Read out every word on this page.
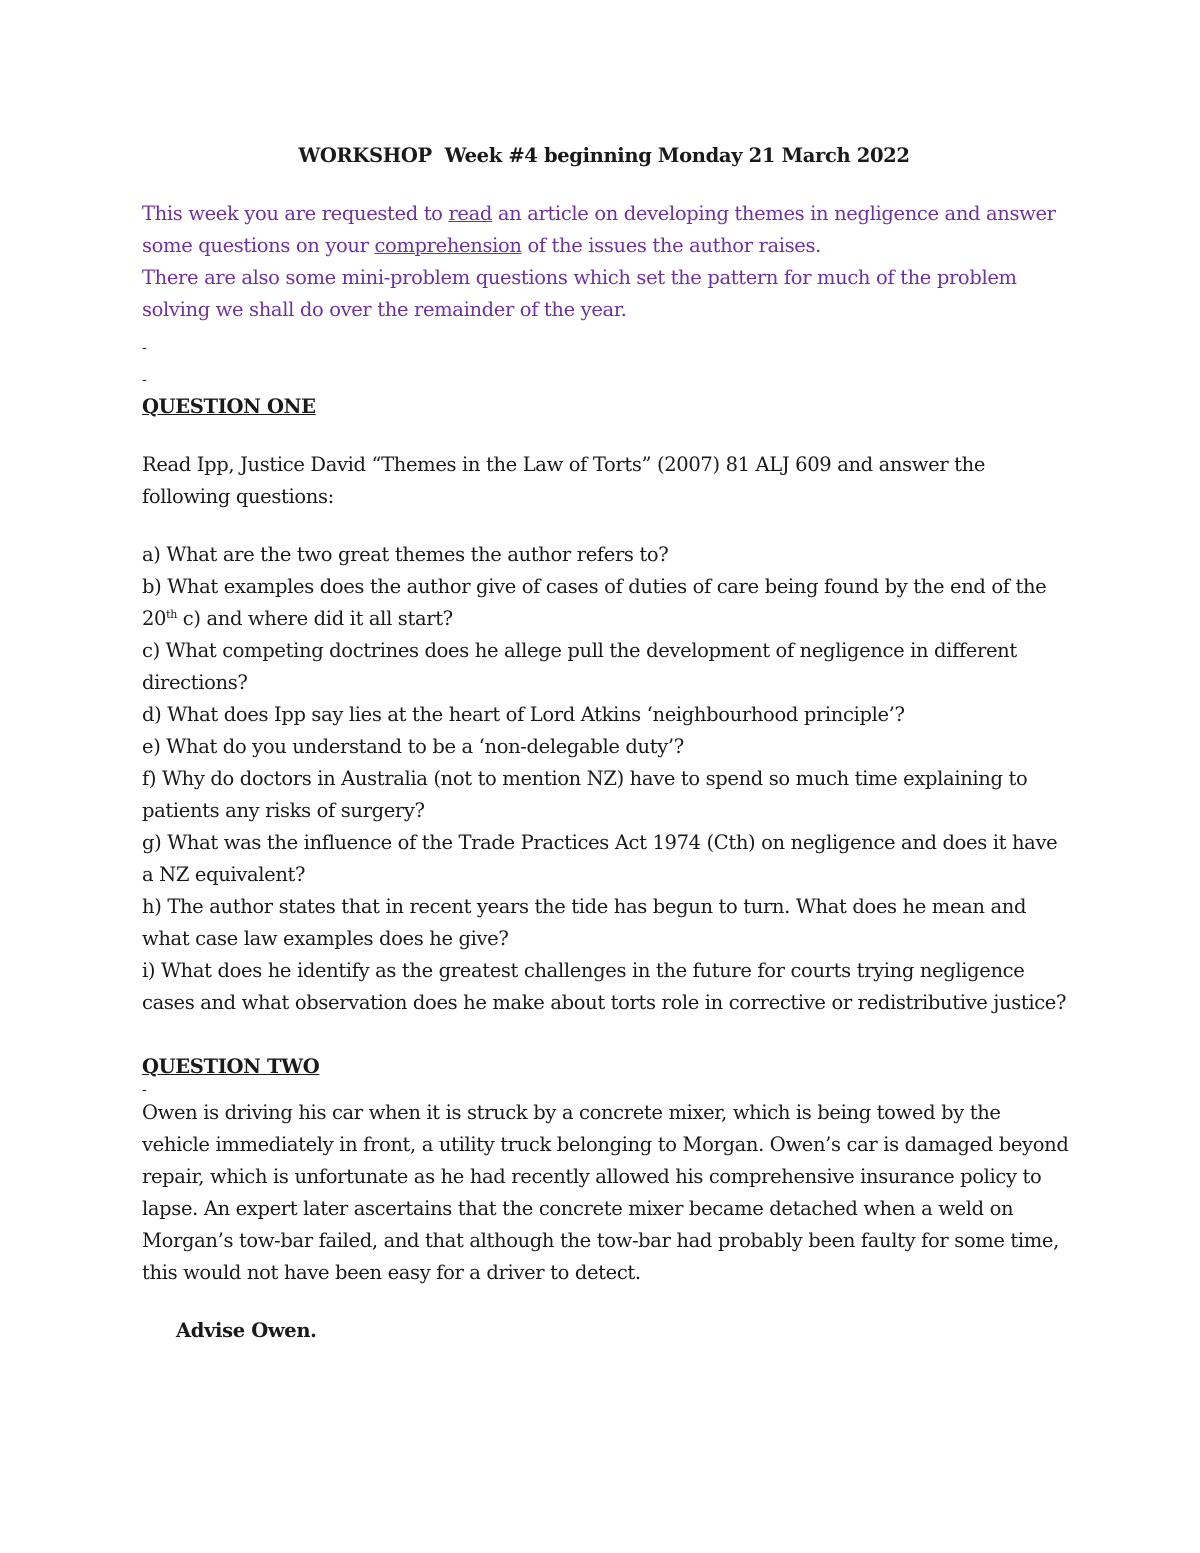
WORKSHOP  Week #4 beginning Monday 21 March 2022

This week you are requested to read an article on developing themes in negligence and answer some questions on your comprehension of the issues the author raises.
There are also some mini-problem questions which set the pattern for much of the problem solving we shall do over the remainder of the year.

-

-

QUESTION ONE

Read Ipp, Justice David “Themes in the Law of Torts” (2007) 81 ALJ 609 and answer the following questions:

a) What are the two great themes the author refers to?

b) What examples does the author give of cases of duties of care being found by the end of the 20th c) and where did it all start?

c) What competing doctrines does he allege pull the development of negligence in different directions?

d) What does Ipp say lies at the heart of Lord Atkins ‘neighbourhood principle’?

e) What do you understand to be a ‘non-delegable duty’?

f) Why do doctors in Australia (not to mention NZ) have to spend so much time explaining to patients any risks of surgery?

g) What was the influence of the Trade Practices Act 1974 (Cth) on negligence and does it have a NZ equivalent?

h) The author states that in recent years the tide has begun to turn. What does he mean and what case law examples does he give?

i) What does he identify as the greatest challenges in the future for courts trying negligence cases and what observation does he make about torts role in corrective or redistributive justice?

QUESTION TWO

-

Owen is driving his car when it is struck by a concrete mixer, which is being towed by the vehicle immediately in front, a utility truck belonging to Morgan. Owen’s car is damaged beyond repair, which is unfortunate as he had recently allowed his comprehensive insurance policy to lapse. An expert later ascertains that the concrete mixer became detached when a weld on Morgan’s tow-bar failed, and that although the tow-bar had probably been faulty for some time, this would not have been easy for a driver to detect.

Advise Owen.
